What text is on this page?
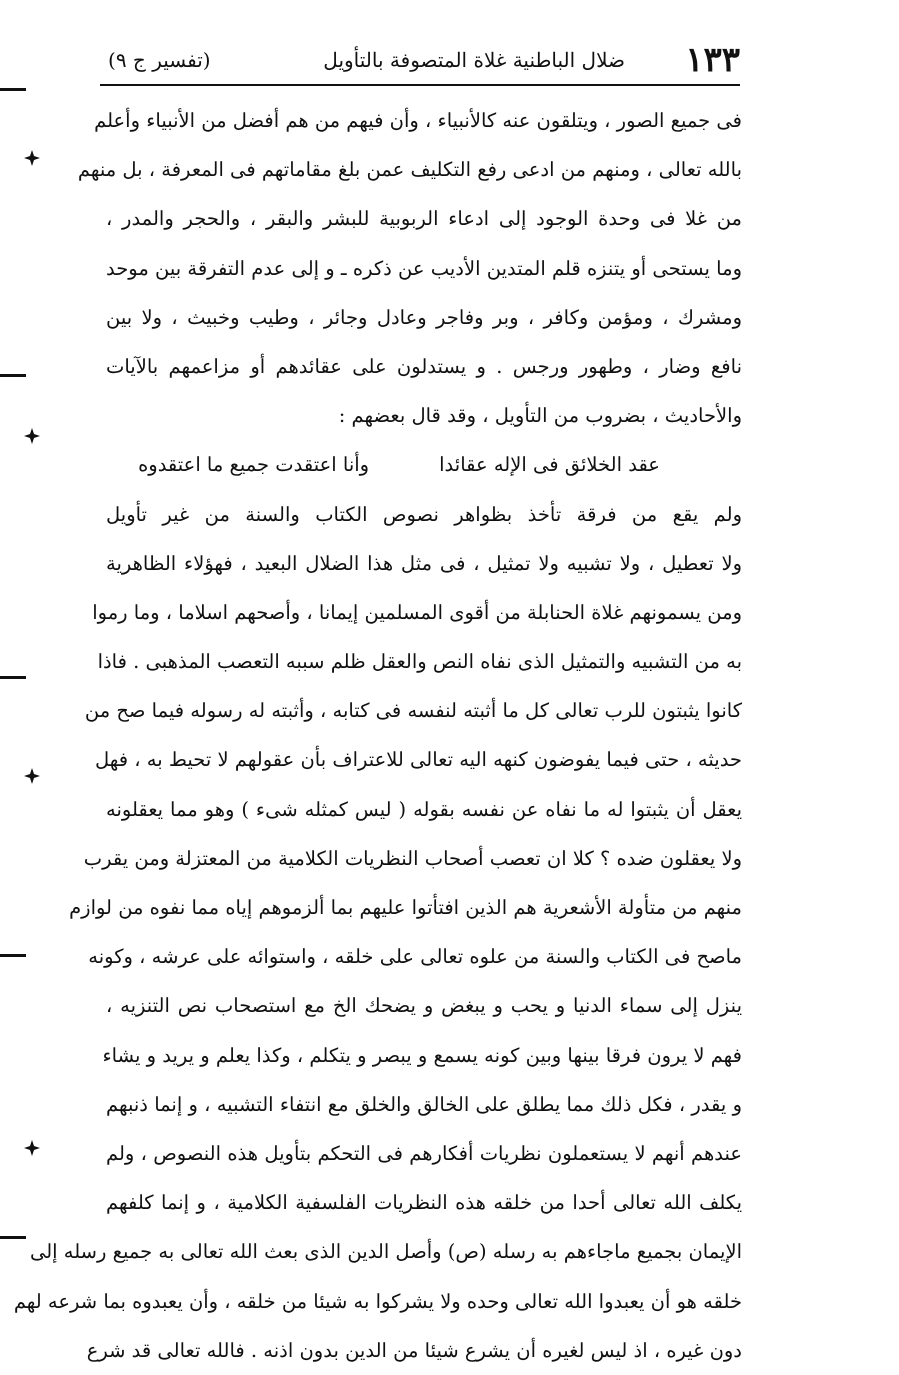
١٣٣
ضلال الباطنية غلاة المتصوفة بالتأويل
(تفسير ج ٩)
فى جميع الصور ، ويتلقون عنه كالأنبياء ، وأن فيهم من هم أفضل من الأنبياء وأعلم
بالله تعالى ، ومنهم من ادعى رفع التكليف عمن بلغ مقاماتهم فى المعرفة ، بل منهم
من غلا فى وحدة الوجود إلى ادعاء الربوبية للبشر والبقر ، والحجر والمدر ،
وما يستحى أو يتنزه قلم المتدين الأديب عن ذكره ـ و إلى عدم التفرقة بين موحد
ومشرك ، ومؤمن وكافر ، وبر وفاجر وعادل وجائر ، وطيب وخبيث ، ولا بين
نافع وضار ، وطهور ورجس . و يستدلون على عقائدهم أو مزاعمهم بالآيات
والأحاديث ، بضروب من التأويل ، وقد قال بعضهم :
عقد الخلائق فى الإله عقائدا
وأنا اعتقدت جميع ما اعتقدوه
ولم يقع من فرقة تأخذ بظواهر نصوص الكتاب والسنة من غير تأويل
ولا تعطيل ، ولا تشبيه ولا تمثيل ، فى مثل هذا الضلال البعيد ، فهؤلاء الظاهرية
ومن يسمونهم غلاة الحنابلة من أقوى المسلمين إيمانا ، وأصحهم اسلاما ، وما رموا
به من التشبيه والتمثيل الذى نفاه النص والعقل ظلم سببه التعصب المذهبى . فاذا
كانوا يثبتون للرب تعالى كل ما أثبته لنفسه فى كتابه ، وأثبته له رسوله فيما صح من
حديثه ، حتى فيما يفوضون كنهه اليه تعالى للاعتراف بأن عقولهم لا تحيط به ، فهل
يعقل أن يثبتوا له ما نفاه عن نفسه بقوله ( ليس كمثله شىء ) وهو مما يعقلونه
ولا يعقلون ضده ؟ كلا ان تعصب أصحاب النظريات الكلامية من المعتزلة ومن يقرب
منهم من متأولة الأشعرية هم الذين افتأتوا عليهم بما ألزموهم إياه مما نفوه من لوازم
ماصح فى الكتاب والسنة من علوه تعالى على خلقه ، واستوائه على عرشه ، وكونه
ينزل إلى سماء الدنيا و يحب و يبغض و يضحك الخ مع استصحاب نص التنزيه ،
فهم لا يرون فرقا بينها وبين كونه يسمع و يبصر و يتكلم ، وكذا يعلم و يريد و يشاء
و يقدر ، فكل ذلك مما يطلق على الخالق والخلق مع انتفاء التشبيه ، و إنما ذنبهم
عندهم أنهم لا يستعملون نظريات أفكارهم فى التحكم بتأويل هذه النصوص ، ولم
يكلف الله تعالى أحدا من خلقه هذه النظريات الفلسفية الكلامية ، و إنما كلفهم
الإيمان بجميع ماجاءهم به رسله (ص) وأصل الدين الذى بعث الله تعالى به جميع رسله إلى
خلقه هو أن يعبدوا الله تعالى وحده ولا يشركوا به شيئا من خلقه ، وأن يعبدوه بما شرعه لهم
دون غيره ، اذ ليس لغيره أن يشرع شيئا من الدين بدون اذنه . فالله تعالى قد شرع
